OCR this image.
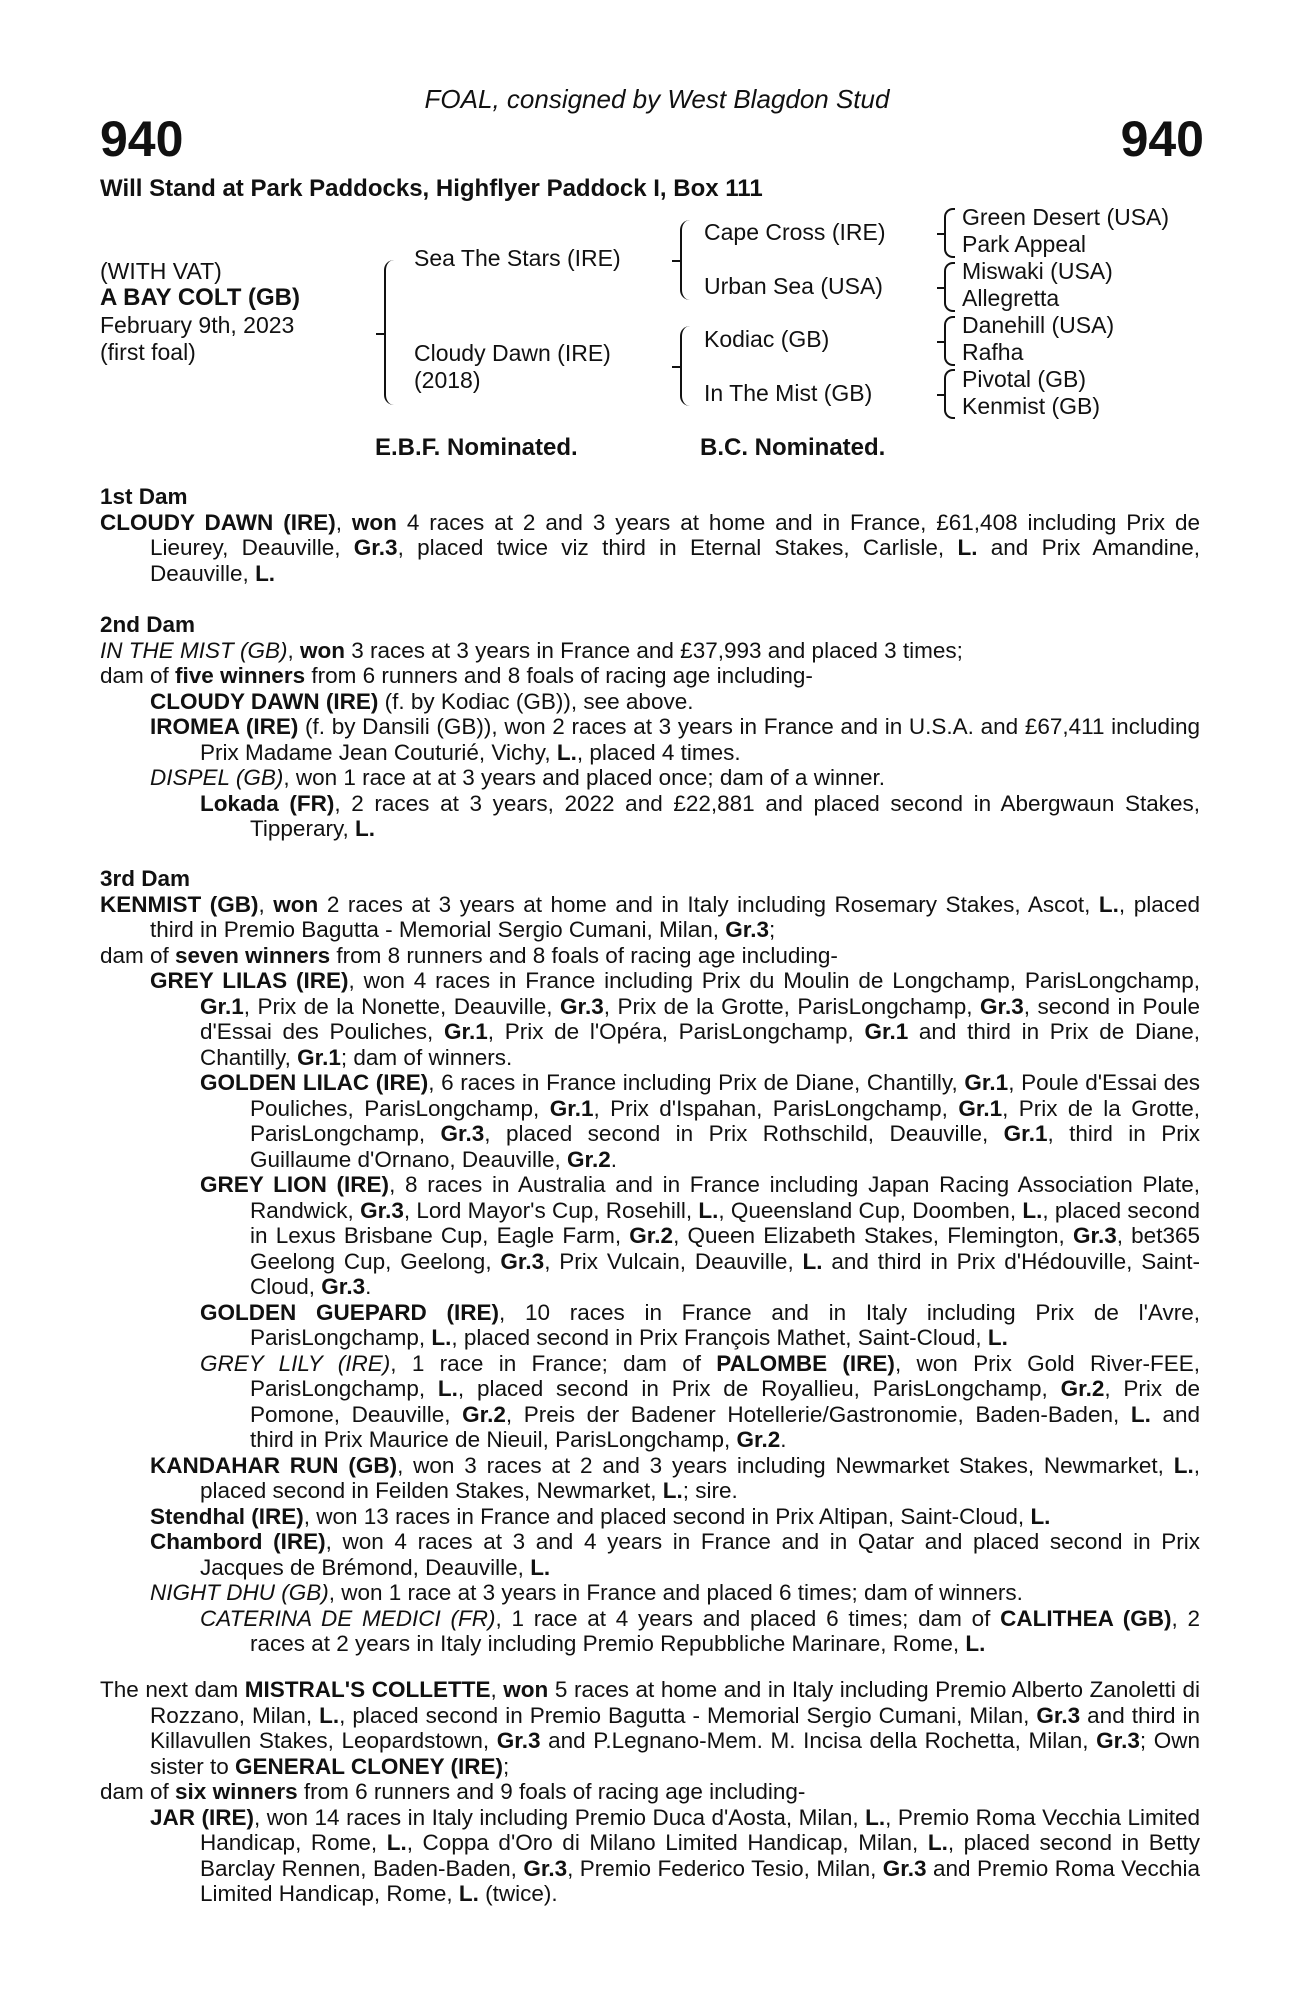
FOAL, consigned by West Blagdon Stud
940	940
Will Stand at Park Paddocks, Highflyer Paddock I, Box 111
(WITH VAT)
A BAY COLT (GB)
February 9th, 2023
(first foal)
Sea The Stars (IRE)
Cloudy Dawn (IRE)
(2018)
Cape Cross (IRE)
Urban Sea (USA)
Kodiac (GB)
In The Mist (GB)
Green Desert (USA)
Park Appeal
Miswaki (USA)
Allegretta
Danehill (USA)
Rafha
Pivotal (GB)
Kenmist (GB)
E.B.F. Nominated.	B.C. Nominated.

1st Dam

CLOUDY DAWN (IRE), won 4 races at 2 and 3 years at home and in France, £61,408 including Prix de Lieurey, Deauville, Gr.3, placed twice viz third in Eternal Stakes, Carlisle, L. and Prix Amandine, Deauville, L.

2nd Dam

IN THE MIST (GB), won 3 races at 3 years in France and £37,993 and placed 3 times;

dam of five winners from 6 runners and 8 foals of racing age including-

CLOUDY DAWN (IRE) (f. by Kodiac (GB)), see above.

IROMEA (IRE) (f. by Dansili (GB)), won 2 races at 3 years in France and in U.S.A. and £67,411 including Prix Madame Jean Couturié, Vichy, L., placed 4 times.

DISPEL (GB), won 1 race at at 3 years and placed once; dam of a winner.

Lokada (FR), 2 races at 3 years, 2022 and £22,881 and placed second in Abergwaun Stakes, Tipperary, L.

3rd Dam

KENMIST (GB), won 2 races at 3 years at home and in Italy including Rosemary Stakes, Ascot, L., placed third in Premio Bagutta - Memorial Sergio Cumani, Milan, Gr.3;

dam of seven winners from 8 runners and 8 foals of racing age including-

GREY LILAS (IRE), won 4 races in France including Prix du Moulin de Longchamp, ParisLongchamp, Gr.1, Prix de la Nonette, Deauville, Gr.3, Prix de la Grotte, ParisLongchamp, Gr.3, second in Poule d'Essai des Pouliches, Gr.1, Prix de l'Opéra, ParisLongchamp, Gr.1 and third in Prix de Diane, Chantilly, Gr.1; dam of winners.

GOLDEN LILAC (IRE), 6 races in France including Prix de Diane, Chantilly, Gr.1, Poule d'Essai des Pouliches, ParisLongchamp, Gr.1, Prix d'Ispahan, ParisLongchamp, Gr.1, Prix de la Grotte, ParisLongchamp, Gr.3, placed second in Prix Rothschild, Deauville, Gr.1, third in Prix Guillaume d'Ornano, Deauville, Gr.2.

GREY LION (IRE), 8 races in Australia and in France including Japan Racing Association Plate, Randwick, Gr.3, Lord Mayor's Cup, Rosehill, L., Queensland Cup, Doomben, L., placed second in Lexus Brisbane Cup, Eagle Farm, Gr.2, Queen Elizabeth Stakes, Flemington, Gr.3, bet365 Geelong Cup, Geelong, Gr.3, Prix Vulcain, Deauville, L. and third in Prix d'Hédouville, Saint-Cloud, Gr.3.

GOLDEN GUEPARD (IRE), 10 races in France and in Italy including Prix de l'Avre, ParisLongchamp, L., placed second in Prix François Mathet, Saint-Cloud, L.

GREY LILY (IRE), 1 race in France; dam of PALOMBE (IRE), won Prix Gold River-FEE, ParisLongchamp, L., placed second in Prix de Royallieu, ParisLongchamp, Gr.2, Prix de Pomone, Deauville, Gr.2, Preis der Badener Hotellerie/Gastronomie, Baden-Baden, L. and third in Prix Maurice de Nieuil, ParisLongchamp, Gr.2.

KANDAHAR RUN (GB), won 3 races at 2 and 3 years including Newmarket Stakes, Newmarket, L., placed second in Feilden Stakes, Newmarket, L.; sire.

Stendhal (IRE), won 13 races in France and placed second in Prix Altipan, Saint-Cloud, L.

Chambord (IRE), won 4 races at 3 and 4 years in France and in Qatar and placed second in Prix Jacques de Brémond, Deauville, L.

NIGHT DHU (GB), won 1 race at 3 years in France and placed 6 times; dam of winners.

CATERINA DE MEDICI (FR), 1 race at 4 years and placed 6 times; dam of CALITHEA (GB), 2 races at 2 years in Italy including Premio Repubbliche Marinare, Rome, L.

The next dam MISTRAL'S COLLETTE, won 5 races at home and in Italy including Premio Alberto Zanoletti di Rozzano, Milan, L., placed second in Premio Bagutta - Memorial Sergio Cumani, Milan, Gr.3 and third in Killavullen Stakes, Leopardstown, Gr.3 and P.Legnano-Mem. M. Incisa della Rochetta, Milan, Gr.3; Own sister to GENERAL CLONEY (IRE);

dam of six winners from 6 runners and 9 foals of racing age including-

JAR (IRE), won 14 races in Italy including Premio Duca d'Aosta, Milan, L., Premio Roma Vecchia Limited Handicap, Rome, L., Coppa d'Oro di Milano Limited Handicap, Milan, L., placed second in Betty Barclay Rennen, Baden-Baden, Gr.3, Premio Federico Tesio, Milan, Gr.3 and Premio Roma Vecchia Limited Handicap, Rome, L. (twice).
